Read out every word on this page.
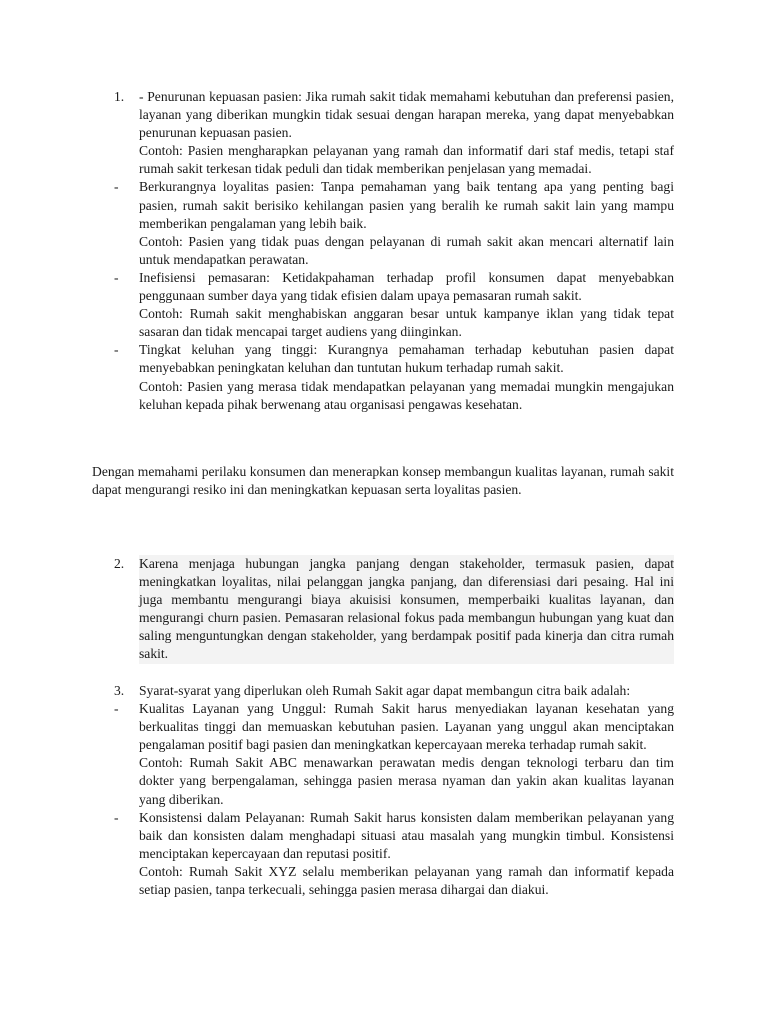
1. - Penurunan kepuasan pasien: Jika rumah sakit tidak memahami kebutuhan dan preferensi pasien, layanan yang diberikan mungkin tidak sesuai dengan harapan mereka, yang dapat menyebabkan penurunan kepuasan pasien.

Contoh: Pasien mengharapkan pelayanan yang ramah dan informatif dari staf medis, tetapi staf rumah sakit terkesan tidak peduli dan tidak memberikan penjelasan yang memadai.

- Berkurangnya loyalitas pasien: Tanpa pemahaman yang baik tentang apa yang penting bagi pasien, rumah sakit berisiko kehilangan pasien yang beralih ke rumah sakit lain yang mampu memberikan pengalaman yang lebih baik.

Contoh: Pasien yang tidak puas dengan pelayanan di rumah sakit akan mencari alternatif lain untuk mendapatkan perawatan.

- Inefisiensi pemasaran: Ketidakpahaman terhadap profil konsumen dapat menyebabkan penggunaan sumber daya yang tidak efisien dalam upaya pemasaran rumah sakit.

Contoh: Rumah sakit menghabiskan anggaran besar untuk kampanye iklan yang tidak tepat sasaran dan tidak mencapai target audiens yang diinginkan.

- Tingkat keluhan yang tinggi: Kurangnya pemahaman terhadap kebutuhan pasien dapat menyebabkan peningkatan keluhan dan tuntutan hukum terhadap rumah sakit.

Contoh: Pasien yang merasa tidak mendapatkan pelayanan yang memadai mungkin mengajukan keluhan kepada pihak berwenang atau organisasi pengawas kesehatan.

Dengan memahami perilaku konsumen dan menerapkan konsep membangun kualitas layanan, rumah sakit dapat mengurangi resiko ini dan meningkatkan kepuasan serta loyalitas pasien.

2. Karena menjaga hubungan jangka panjang dengan stakeholder, termasuk pasien, dapat meningkatkan loyalitas, nilai pelanggan jangka panjang, dan diferensiasi dari pesaing. Hal ini juga membantu mengurangi biaya akuisisi konsumen, memperbaiki kualitas layanan, dan mengurangi churn pasien. Pemasaran relasional fokus pada membangun hubungan yang kuat dan saling menguntungkan dengan stakeholder, yang berdampak positif pada kinerja dan citra rumah sakit.

3. Syarat-syarat yang diperlukan oleh Rumah Sakit agar dapat membangun citra baik adalah:

- Kualitas Layanan yang Unggul: Rumah Sakit harus menyediakan layanan kesehatan yang berkualitas tinggi dan memuaskan kebutuhan pasien. Layanan yang unggul akan menciptakan pengalaman positif bagi pasien dan meningkatkan kepercayaan mereka terhadap rumah sakit.

Contoh: Rumah Sakit ABC menawarkan perawatan medis dengan teknologi terbaru dan tim dokter yang berpengalaman, sehingga pasien merasa nyaman dan yakin akan kualitas layanan yang diberikan.

- Konsistensi dalam Pelayanan: Rumah Sakit harus konsisten dalam memberikan pelayanan yang baik dan konsisten dalam menghadapi situasi atau masalah yang mungkin timbul. Konsistensi menciptakan kepercayaan dan reputasi positif.

Contoh: Rumah Sakit XYZ selalu memberikan pelayanan yang ramah dan informatif kepada setiap pasien, tanpa terkecuali, sehingga pasien merasa dihargai dan diakui.
